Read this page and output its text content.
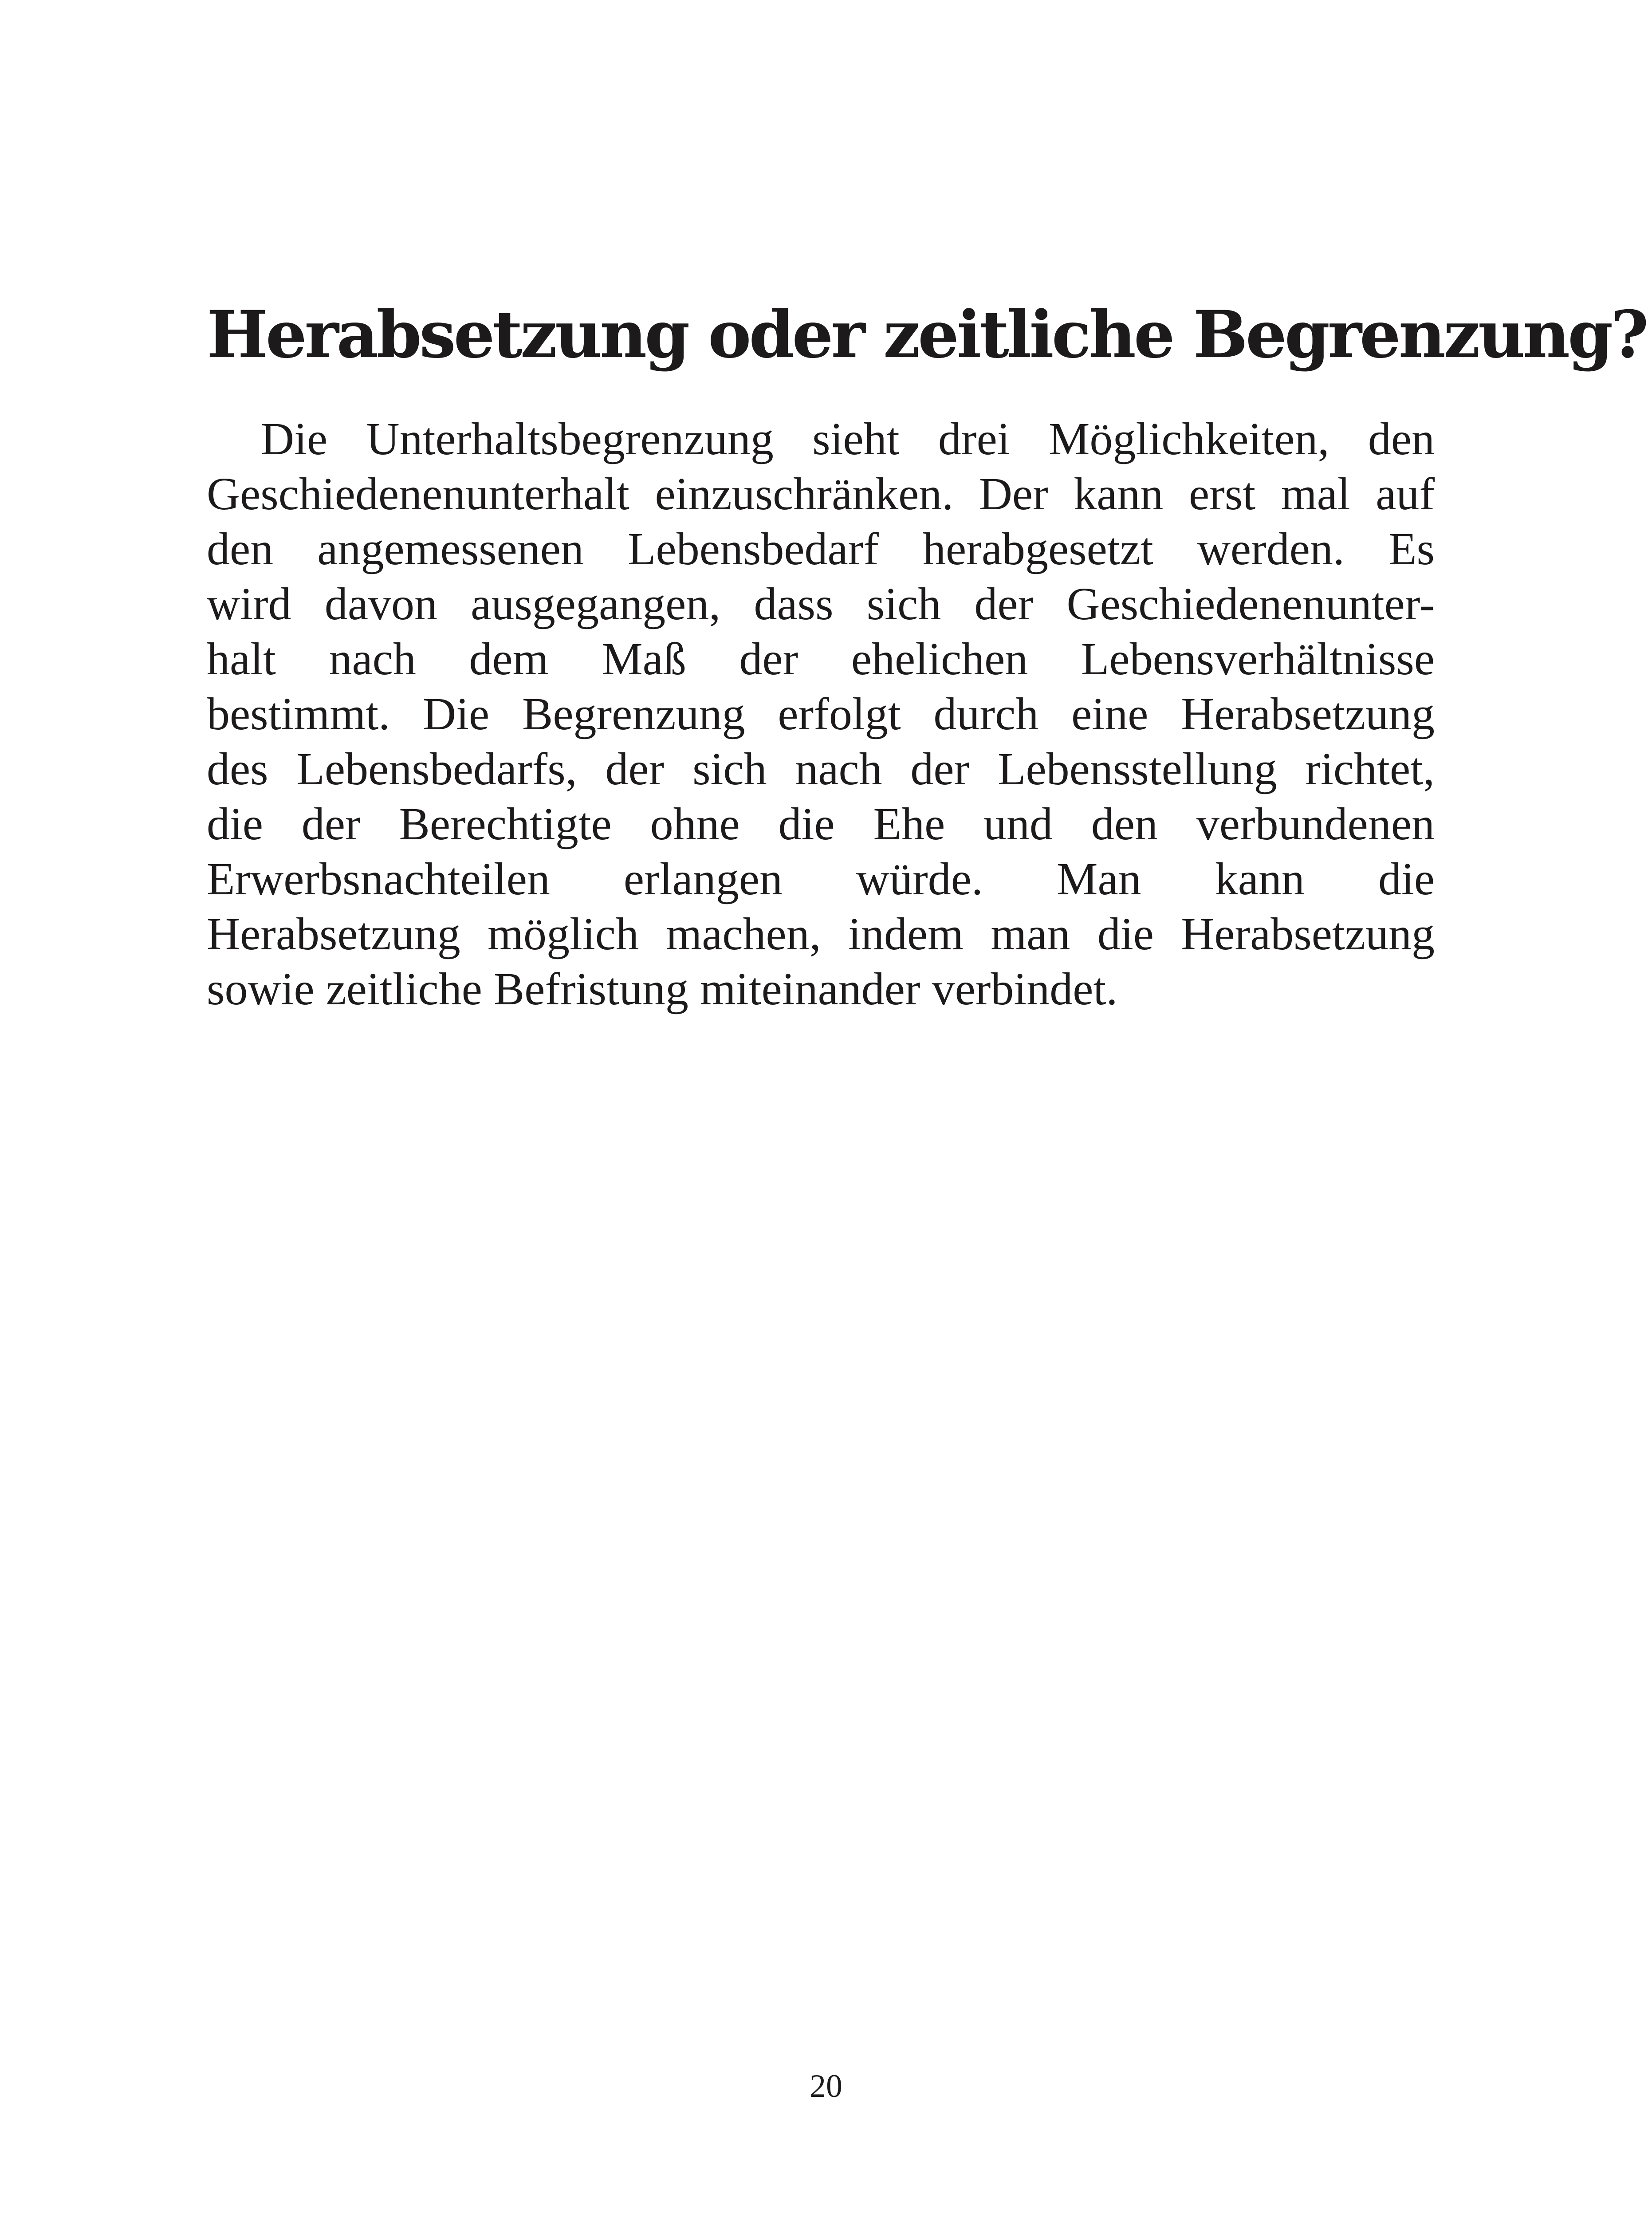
Herabsetzung oder zeitliche Begrenzung?
Die Unterhaltsbegrenzung sieht drei Möglichkeiten, den
Geschiedenenunterhalt einzuschränken. Der kann erst mal auf
den angemessenen Lebensbedarf herabgesetzt werden. Es
wird davon ausgegangen, dass sich der Geschiedenenunter-
halt nach dem Maß der ehelichen Lebensverhältnisse
bestimmt. Die Begrenzung erfolgt durch eine Herabsetzung
des Lebensbedarfs, der sich nach der Lebensstellung richtet,
die der Berechtigte ohne die Ehe und den verbundenen
Erwerbsnachteilen erlangen würde. Man kann die
Herabsetzung möglich machen, indem man die Herabsetzung
sowie zeitliche Befristung miteinander verbindet.
20
